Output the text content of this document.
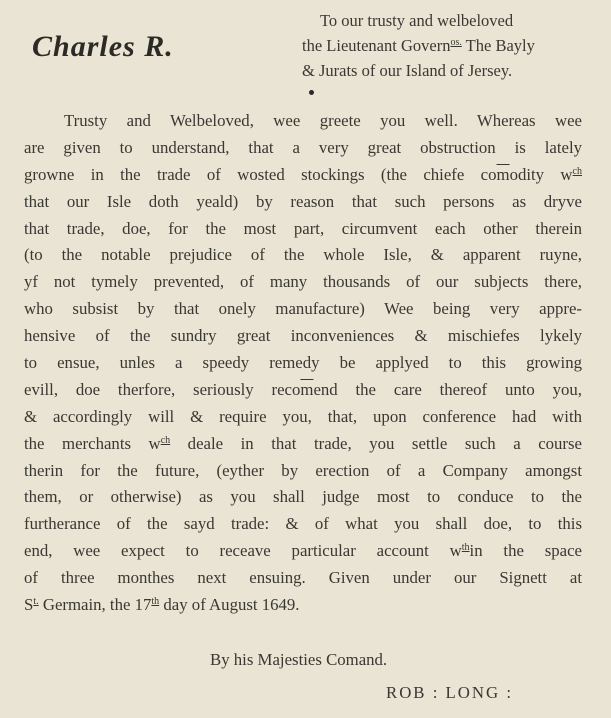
Charles R.
To our trusty and welbeloved
the Lieutenant Govern$^{os.}$ The Bayly
& Jurats of our Island of Jersey.
Trusty and Welbeloved, wee greete you well. Whereas wee
are given to understand, that a very great obstruction is lately
growne in the trade of wosted stockings (the chiefe $co\overline{m}odity$ $w^{ch}$
that our Isle doth yeald) by reason that such persons as dryve
that trade, doe, for the most part, circumvent each other therein
(to the notable prejudice of the whole Isle, & apparent ruyne,
yf not tymely prevented, of many thousands of our subjects there,
who subsist by that onely manufacture) Wee being very appre-
hensive of the sundry great inconveniences & mischiefes lykely
to ensue, unles a speedy remedy be applyed to this growing
evill, doe therfore, seriously $reco\overline{m}end$ the care thereof unto you,
& accordingly will & require you, that, upon conference had with
the merchants $w^{ch}$ deale in that trade, you settle such a course
therin for the future, (eyther by erection of a Company amongst
them, or otherwise) as you shall judge most to conduce to the
furtherance of the sayd trade: & of what you shall doe, to this
end, wee expect to receave particular account $w^{th}in$ the space
of three monthes next ensuing. Given under our Signett at
$S^{t.}$ Germain, the 17th day of August 1649.
By his Majesties Comand.
ROB : LONG :
